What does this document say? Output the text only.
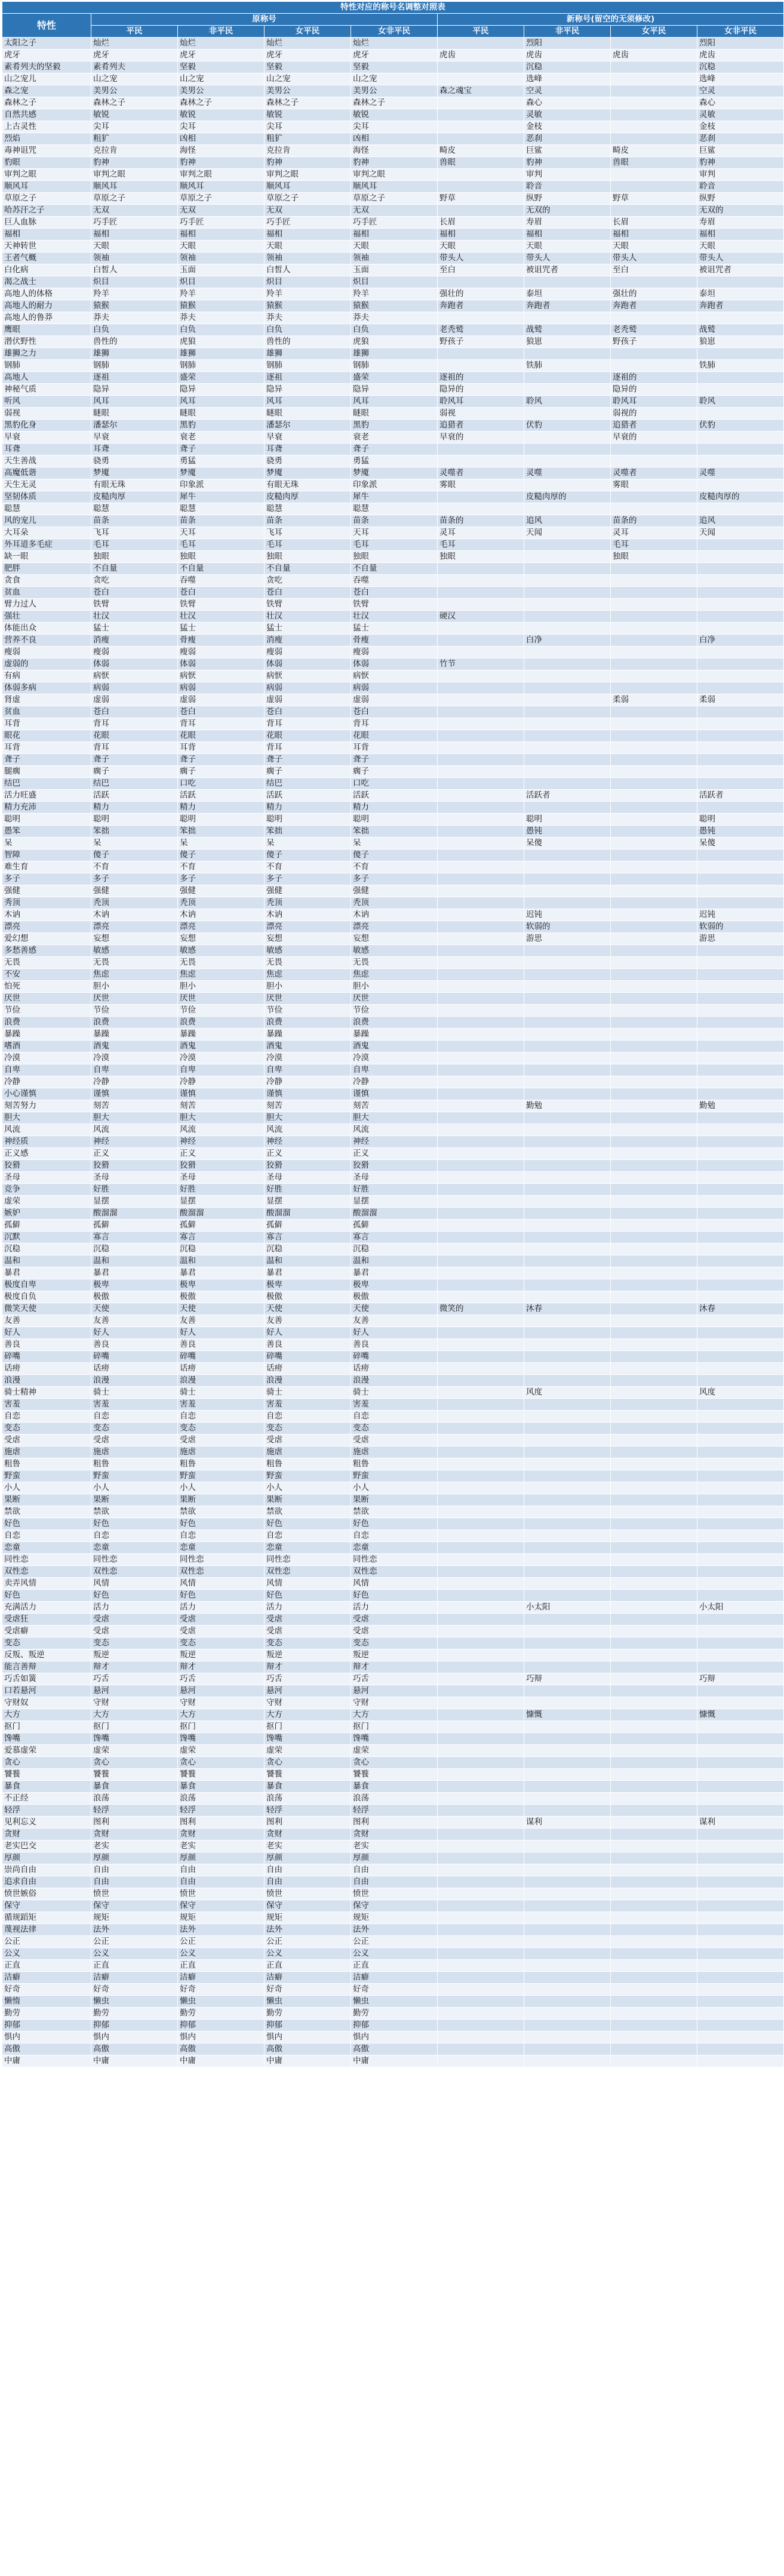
特性对应的称号名调整对照表								
特性	原称号				新称号(留空的无须修改)			
	平民	非平民	女平民	女非平民	平民	非平民	女平民	女非平民
太阳之子	灿烂	灿烂	灿烂	灿烂		烈阳		烈阳
虎牙	虎牙	虎牙	虎牙	虎牙	虎齿	虎齿	虎齿	虎齿
素肴列夫的坚毅	素肴列夫	坚毅	坚毅	坚毅		沉稳		沉稳
山之宠儿	山之宠	山之宠	山之宠	山之宠		选峰		选峰
森之宠	美男公	美男公	美男公	美男公	森之魂宝	空灵		空灵
森林之子	森林之子	森林之子	森林之子	森林之子		森心		森心
自然共感	敏锐	敏锐	敏锐	敏锐		灵敏		灵敏
上古灵性	尖耳	尖耳	尖耳	尖耳		金枝		金枝
烈焰	粗犷	凶相	粗犷	凶相		恶刹		恶刹
毒神诅咒	克拉肯	海怪	克拉肯	海怪	畸皮	巨鲨	畸皮	巨鲨
豹眼	豹神	豹神	豹神	豹神	兽眼	豹神	兽眼	豹神
审判之眼	审判之眼	审判之眼	审判之眼	审判之眼		审判		审判
顺风耳	顺风耳	顺风耳	顺风耳	顺风耳		聆音		聆音
草原之子	草原之子	草原之子	草原之子	草原之子	野草	纵野	野草	纵野
哈苏汗之子	无双	无双	无双	无双		无双的		无双的
巨人血脉	巧手匠	巧手匠	巧手匠	巧手匠	长眉	寿眉	长眉	寿眉
福相	福相	福相	福相	福相	福相	福相	福相	福相
天神转世	天眼	天眼	天眼	天眼	天眼	天眼	天眼	天眼
王者气概	领袖	领袖	领袖	领袖	带头人	带头人	带头人	带头人
白化病	白皙人	玉面	白皙人	玉面	至白	被诅咒者	至白	被诅咒者
渴之战士	炽目	炽目	炽目	炽目				
高地人的体格	羚羊	羚羊	羚羊	羚羊	强壮的	泰坦	强壮的	泰坦
高地人的耐力	猿猴	猿猴	猿猴	猿猴	奔跑者	奔跑者	奔跑者	奔跑者
高地人的鲁莽	莽夫	莽夫	莽夫	莽夫				
鹰眼	白负	白负	白负	白负	老秃鹫	战鹫	老秃鹫	战鹫
潜伏野性	兽性的	虎狼	兽性的	虎狼	野孩子	狼崽	野孩子	狼崽
雄狮之力	雄狮	雄狮	雄狮	雄狮				
钢肺	钢肺	钢肺	钢肺	钢肺		铁肺		铁肺
高地人	逐祖	盛荣	逐祖	盛荣	逐祖的		逐祖的	
神秘气质	隐异	隐异	隐异	隐异	隐异的		隐异的	
听风	风耳	风耳	风耳	风耳	聆风耳	聆风	聆风耳	聆风
弱视	瞇眼	瞇眼	瞇眼	瞇眼	弱视		弱视的	
黑豹化身	潘瑟尔	黑豹	潘瑟尔	黑豹	追猎者	伏豹	追猎者	伏豹
早衰	早衰	衰老	早衰	衰老	早衰的		早衰的	
耳聋	耳聋	聋子	耳聋	聋子				
天生善战	骁勇	勇猛	骁勇	勇猛				
高魔低谐	梦魇	梦魇	梦魇	梦魇	灵噬者	灵噬	灵噬者	灵噬
天生无灵	有眼无珠	印象派	有眼无珠	印象派	雾眼		雾眼	
坚韧体质	皮糙肉厚	犀牛	皮糙肉厚	犀牛		皮糙肉厚的		皮糙肉厚的
聪慧	聪慧	聪慧	聪慧	聪慧				
风的宠儿	苗条	苗条	苗条	苗条	苗条的	追风	苗条的	追风
大耳朵	飞耳	天耳	飞耳	天耳	灵耳	天闻	灵耳	天闻
外耳道多毛症	毛耳	毛耳	毛耳	毛耳	毛耳		毛耳	
缺一眼	独眼	独眼	独眼	独眼	独眼		独眼	
肥胖	不自量	不自量	不自量	不自量				
贪食	贪吃	吞噬	贪吃	吞噬				
贫血	苍白	苍白	苍白	苍白				
臂力过人	铁臂	铁臂	铁臂	铁臂				
强壮	壮汉	壮汉	壮汉	壮汉	硬汉			
体能出众	猛士	猛士	猛士	猛士				
营养不良	消瘦	骨瘦	消瘦	骨瘦		白净		白净
瘦弱	瘦弱	瘦弱	瘦弱	瘦弱				
虚弱的	体弱	体弱	体弱	体弱	竹节			
有病	病恹	病恹	病恹	病恹				
体弱多病	病弱	病弱	病弱	病弱				
肾虚	虚弱	虚弱	虚弱	虚弱			柔弱	柔弱
贫血	苍白	苍白	苍白	苍白				
耳背	背耳	背耳	背耳	背耳				
眼花	花眼	花眼	花眼	花眼				
耳背	背耳	耳背	背耳	耳背				
聋子	聋子	聋子	聋子	聋子				
腿瘸	瘸子	瘸子	瘸子	瘸子				
结巴	结巴	口吃	结巴	口吃				
活力旺盛	活跃	活跃	活跃	活跃		活跃者		活跃者
精力充沛	精力	精力	精力	精力				
聪明	聪明	聪明	聪明	聪明		聪明		聪明
愚笨	笨拙	笨拙	笨拙	笨拙		愚钝		愚钝
呆	呆	呆	呆	呆		呆傻		呆傻
智障	傻子	傻子	傻子	傻子				
难生育	不育	不育	不育	不育				
多子	多子	多子	多子	多子				
强健	强健	强健	强健	强健				
秀顶	秃顶	秃顶	秃顶	秃顶				
木讷	木讷	木讷	木讷	木讷		迟钝		迟钝
漂亮	漂亮	漂亮	漂亮	漂亮		软弱的		软弱的
爱幻想	妄想	妄想	妄想	妄想		游思		游思
多愁善感	敏感	敏感	敏感	敏感				
无畏	无畏	无畏	无畏	无畏				
不安	焦虑	焦虑	焦虑	焦虑				
怕死	胆小	胆小	胆小	胆小				
厌世	厌世	厌世	厌世	厌世				
节俭	节俭	节俭	节俭	节俭				
浪费	浪费	浪费	浪费	浪费				
暴躁	暴躁	暴躁	暴躁	暴躁				
嗜酒	酒鬼	酒鬼	酒鬼	酒鬼				
冷漠	冷漠	冷漠	冷漠	冷漠				
自卑	自卑	自卑	自卑	自卑				
冷静	冷静	冷静	冷静	冷静				
小心谨慎	谨慎	谨慎	谨慎	谨慎				
刻苦努力	刻苦	刻苦	刻苦	刻苦		勤勉		勤勉
胆大	胆大	胆大	胆大	胆大				
风流	风流	风流	风流	风流				
神经质	神经	神经	神经	神经				
正义感	正义	正义	正义	正义				
狡猾	狡猾	狡猾	狡猾	狡猾				
圣母	圣母	圣母	圣母	圣母				
竞争	好胜	好胜	好胜	好胜				
虚荣	显摆	显摆	显摆	显摆				
嫉妒	酸溜溜	酸溜溜	酸溜溜	酸溜溜				
孤僻	孤僻	孤僻	孤僻	孤僻				
沉默	寡言	寡言	寡言	寡言				
沉稳	沉稳	沉稳	沉稳	沉稳				
温和	温和	温和	温和	温和				
暴君	暴君	暴君	暴君	暴君				
极度自卑	极卑	极卑	极卑	极卑				
极度自负	极傲	极傲	极傲	极傲				
微笑天使	天使	天使	天使	天使	微笑的	沐春		沐春
友善	友善	友善	友善	友善				
好人	好人	好人	好人	好人				
善良	善良	善良	善良	善良				
碎嘴	碎嘴	碎嘴	碎嘴	碎嘴				
话痨	话痨	话痨	话痨	话痨				
浪漫	浪漫	浪漫	浪漫	浪漫				
骑士精神	骑士	骑士	骑士	骑士		风度		风度
害羞	害羞	害羞	害羞	害羞				
自恋	自恋	自恋	自恋	自恋				
变态	变态	变态	变态	变态				
受虐	受虐	受虐	受虐	受虐				
施虐	施虐	施虐	施虐	施虐				
粗鲁	粗鲁	粗鲁	粗鲁	粗鲁				
野蛮	野蛮	野蛮	野蛮	野蛮				
小人	小人	小人	小人	小人				
果断	果断	果断	果断	果断				
禁欲	禁欲	禁欲	禁欲	禁欲				
好色	好色	好色	好色	好色				
自恋	自恋	自恋	自恋	自恋				
恋童	恋童	恋童	恋童	恋童				
同性恋	同性恋	同性恋	同性恋	同性恋				
双性恋	双性恋	双性恋	双性恋	双性恋				
卖弄风情	风情	风情	风情	风情				
好色	好色	好色	好色	好色				
充满活力	活力	活力	活力	活力		小太阳		小太阳
受虐狂	受虐	受虐	受虐	受虐				
受虐癖	受虐	受虐	受虐	受虐				
变态	变态	变态	变态	变态				
反叛、叛逆	叛逆	叛逆	叛逆	叛逆				
能言善辩	辩才	辩才	辩才	辩才				
巧舌如簧	巧舌	巧舌	巧舌	巧舌		巧辩		巧辩
口若悬河	悬河	悬河	悬河	悬河				
守财奴	守财	守财	守财	守财				
大方	大方	大方	大方	大方		慷慨		慷慨
抠门	抠门	抠门	抠门	抠门				
馋嘴	馋嘴	馋嘴	馋嘴	馋嘴				
爱慕虚荣	虚荣	虚荣	虚荣	虚荣				
贪心	贪心	贪心	贪心	贪心				
饕餮	饕餮	饕餮	饕餮	饕餮				
暴食	暴食	暴食	暴食	暴食				
不正经	浪荡	浪荡	浪荡	浪荡				
轻浮	轻浮	轻浮	轻浮	轻浮				
见利忘义	图利	图利	图利	图利		谋利		谋利
贪财	贪财	贪财	贪财	贪财				
老实巴交	老实	老实	老实	老实				
厚颜	厚颜	厚颜	厚颜	厚颜				
崇尚自由	自由	自由	自由	自由				
追求自由	自由	自由	自由	自由				
愤世嫉俗	愤世	愤世	愤世	愤世				
保守	保守	保守	保守	保守				
循规蹈矩	规矩	规矩	规矩	规矩				
蔑视法律	法外	法外	法外	法外				
公正	公正	公正	公正	公正				
公义	公义	公义	公义	公义				
正直	正直	正直	正直	正直				
洁癖	洁癖	洁癖	洁癖	洁癖				
好奇	好奇	好奇	好奇	好奇				
懒惰	懒虫	懒虫	懒虫	懒虫				
勤劳	勤劳	勤劳	勤劳	勤劳				
抑郁	抑郁	抑郁	抑郁	抑郁				
惧内	惧内	惧内	惧内	惧内				
高傲	高傲	高傲	高傲	高傲				
中庸	中庸	中庸	中庸	中庸				
